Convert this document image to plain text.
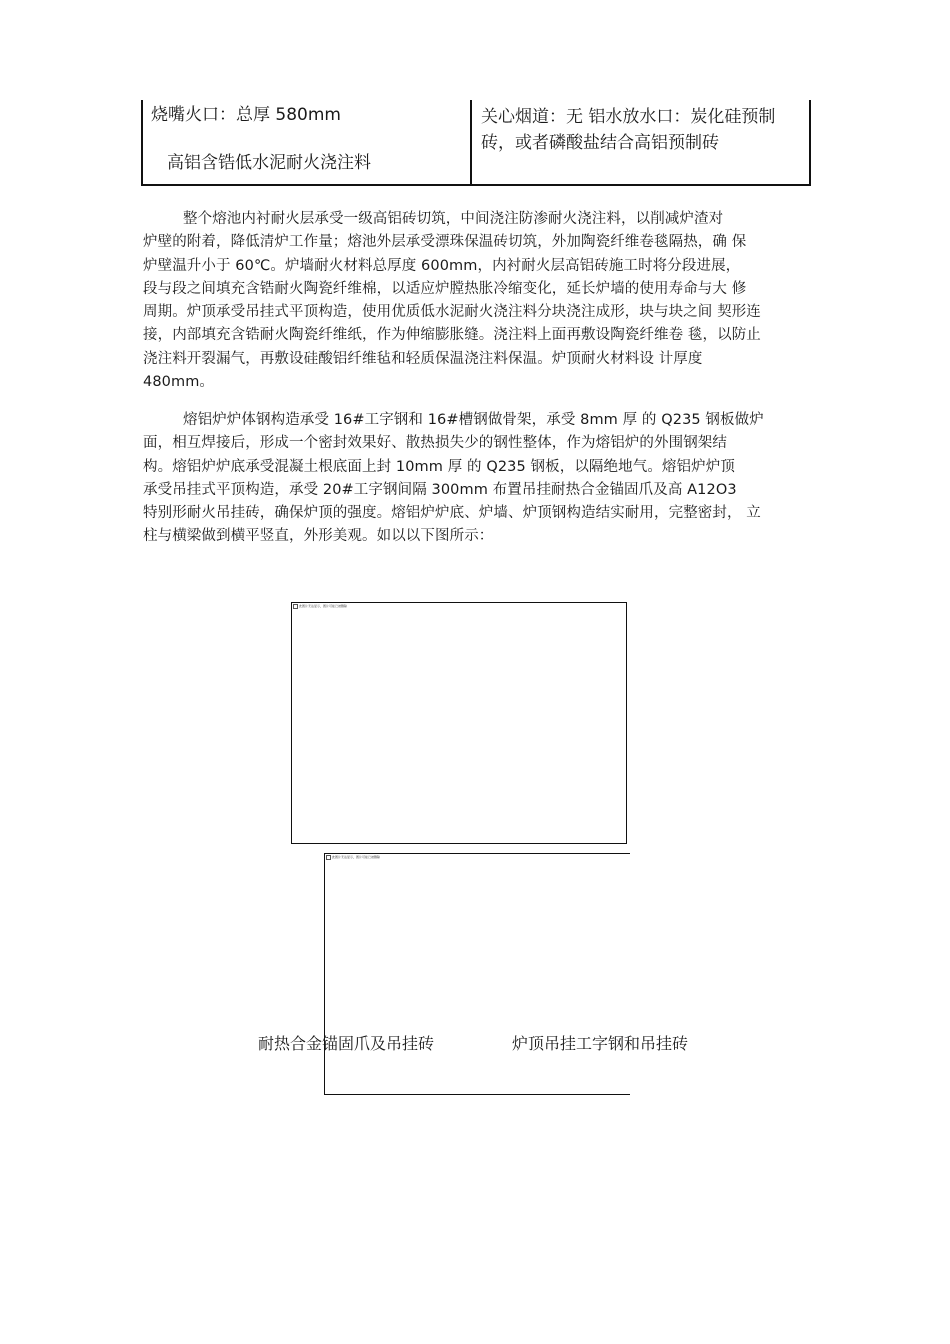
烧嘴火口：总厚 580mm
高铝含锆低水泥耐火浇注料
关心烟道：无 铝水放水口：炭化硅预制砖，或者磷酸盐结合高铝预制砖
整个熔池内衬耐火层承受一级高铝砖切筑，中间浇注防渗耐火浇注料，以削减炉渣对
炉壁的附着，降低清炉工作量；熔池外层承受漂珠保温砖切筑，外加陶瓷纤维卷毯隔热，确 保
炉壁温升小于 60℃。炉墙耐火材料总厚度 600mm，内衬耐火层高铝砖施工时将分段进展，
段与段之间填充含锆耐火陶瓷纤维棉，以适应炉膛热胀冷缩变化，延长炉墙的使用寿命与大 修
周期。炉顶承受吊挂式平顶构造，使用优质低水泥耐火浇注料分块浇注成形，块与块之间 契形连
接，内部填充含锆耐火陶瓷纤维纸，作为伸缩膨胀缝。浇注料上面再敷设陶瓷纤维卷 毯，以防止
浇注料开裂漏气，再敷设硅酸铝纤维毡和轻质保温浇注料保温。炉顶耐火材料设 计厚度
480mm。
熔铝炉炉体钢构造承受 16#工字钢和 16#槽钢做骨架，承受 8mm 厚 的 Q235 钢板做炉
面，相互焊接后，形成一个密封效果好、散热损失少的钢性整体，作为熔铝炉的外围钢架结
构。熔铝炉炉底承受混凝土根底面上封 10mm 厚 的 Q235 钢板，以隔绝地气。熔铝炉炉顶
承受吊挂式平顶构造，承受 20#工字钢间隔 300mm 布置吊挂耐热合金锚固爪及高 A12O3
特别形耐火吊挂砖，确保炉顶的强度。熔铝炉炉底、炉墙、炉顶钢构造结实耐用，完整密封， 立
柱与横梁做到横平竖直，外形美观。如以以下图所示：
此图片无法显示，图片可能已被删除
此图片无法显示，图片可能已被删除
耐热合金锚固爪及吊挂砖	炉顶吊挂工字钢和吊挂砖
